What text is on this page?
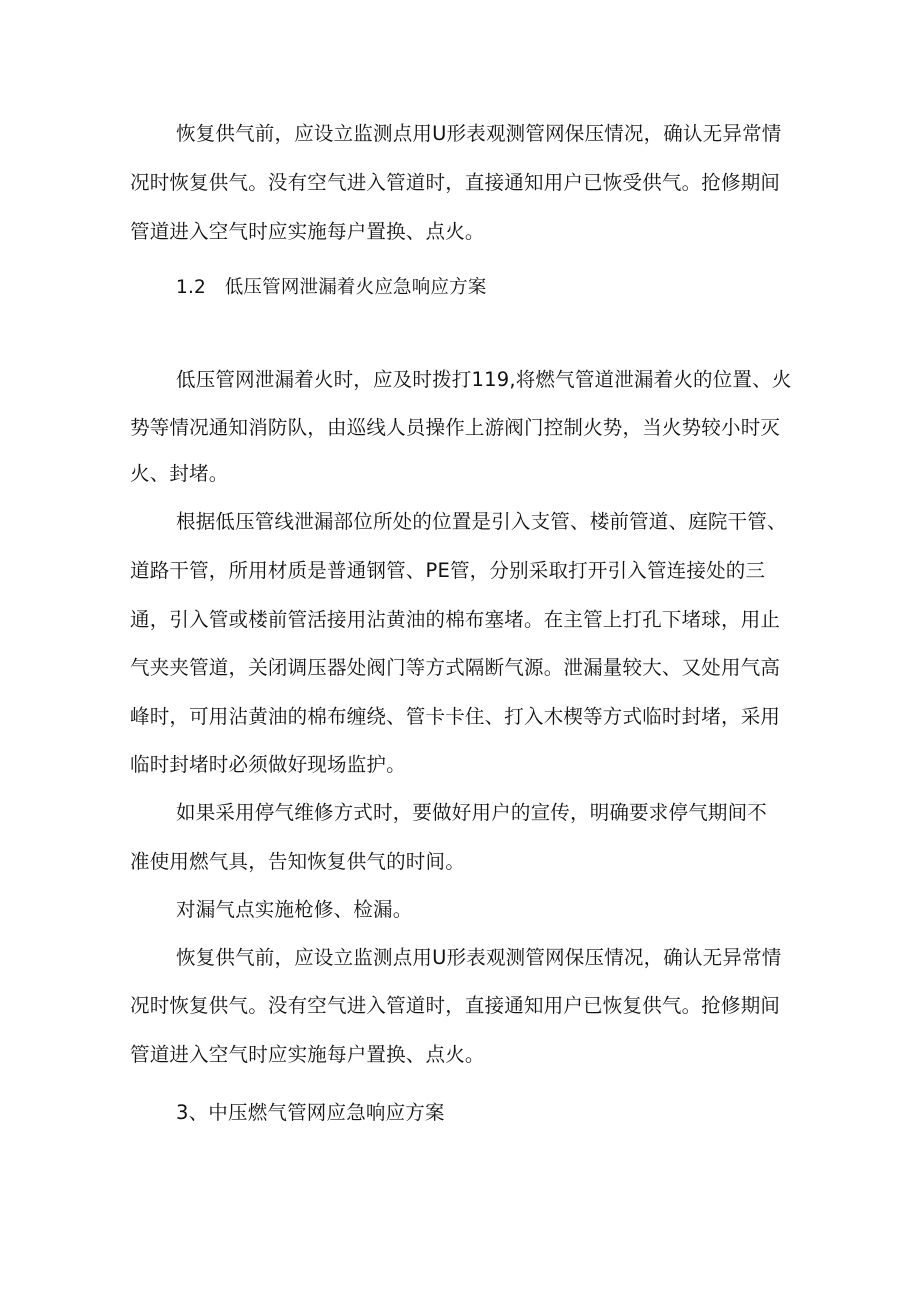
恢复供气前，应设立监测点用U形表观测管网保压情况，确认无异常情
况时恢复供气。没有空气进入管道时，直接通知用户已恢受供气。抢修期间
管道进入空气时应实施每户置换、点火。
1.2　低压管网泄漏着火应急响应方案
低压管网泄漏着火时，应及时拨打119,将燃气管道泄漏着火的位置、火
势等情况通知消防队，由巡线人员操作上游阀门控制火势，当火势较小时灭
火、封堵。
根据低压管线泄漏部位所处的位置是引入支管、楼前管道、庭院干管、
道路干管，所用材质是普通钢管、PE管，分别采取打开引入管连接处的三
通，引入管或楼前管活接用沾黄油的棉布塞堵。在主管上打孔下堵球，用止
气夹夹管道，关闭调压器处阀门等方式隔断气源。泄漏量较大、又处用气高
峰时，可用沾黄油的棉布缠绕、管卡卡住、打入木楔等方式临时封堵，采用
临时封堵时必须做好现场监护。
如果采用停气维修方式时，要做好用户的宣传，明确要求停气期间不
准使用燃气具，告知恢复供气的时间。
对漏气点实施枪修、检漏。
恢复供气前，应设立监测点用U形表观测管网保压情况，确认无异常情
况时恢复供气。没有空气进入管道时，直接通知用户已恢复供气。抢修期间
管道进入空气时应实施每户置换、点火。
3、中压燃气管网应急响应方案
